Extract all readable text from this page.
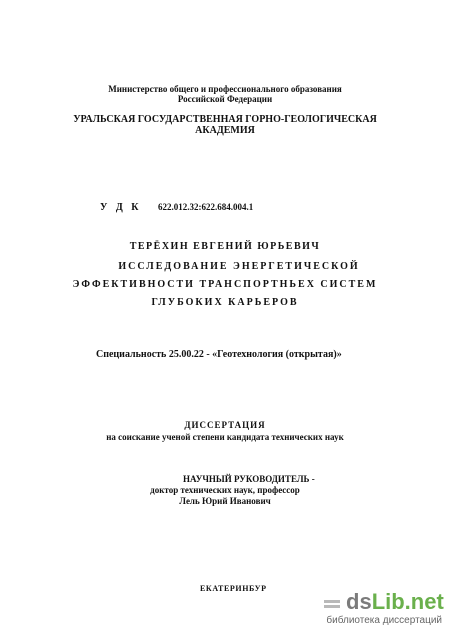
Министерство общего и профессионального образования
Российской Федерации
УРАЛЬСКАЯ ГОСУДАРСТВЕННАЯ ГОРНО-ГЕОЛОГИЧЕСКАЯ
АКАДЕМИЯ
У Д К 622.012.32:622.684.004.1
ТЕРЁХИН ЕВГЕНИЙ ЮРЬЕВИЧ
ИССЛЕДОВАНИЕ ЭНЕРГЕТИЧЕСКОЙ
ЭФФЕКТИВНОСТИ ТРАНСПОРТНЬЕХ СИСТЕМ
ГЛУБОКИХ КАРЬЕРОВ
Специальность 25.00.22 - «Геотехнология (открытая)»
ДИССЕРТАЦИЯ
на соискание ученой степени кандидата технических наук
НАУЧНЫЙ РУКОВОДИТЕЛЬ -
доктор технических наук, профессор
Лель Юрий Иванович
ЕКАТЕРИНБУР
dsLib.net
библиотека диссертаций
